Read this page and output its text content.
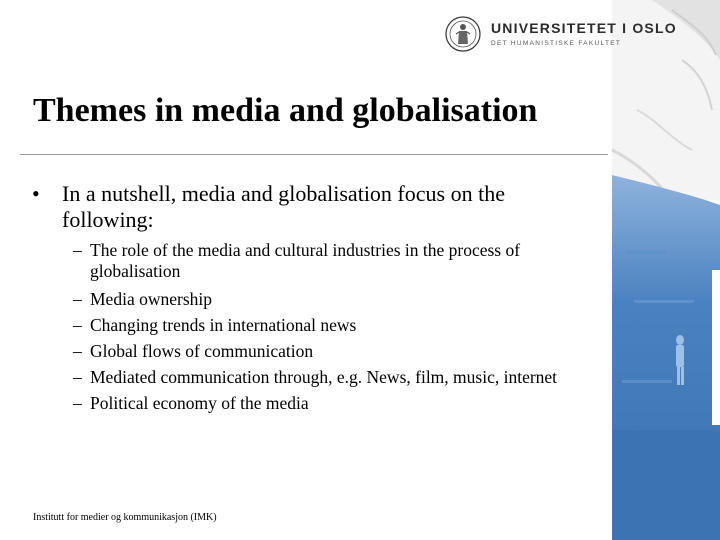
UNIVERSITETET I OSLO
DET HUMANISTISKE FAKULTET
Themes in media and globalisation
•	In a nutshell, media and globalisation focus on the following:
– The role of the media and cultural industries in the process of globalisation
– Media ownership
– Changing trends in international news
– Global flows of communication
– Mediated communication through, e.g. News, film, music, internet
– Political economy of the media
Institutt for medier og kommunikasjon (IMK)
